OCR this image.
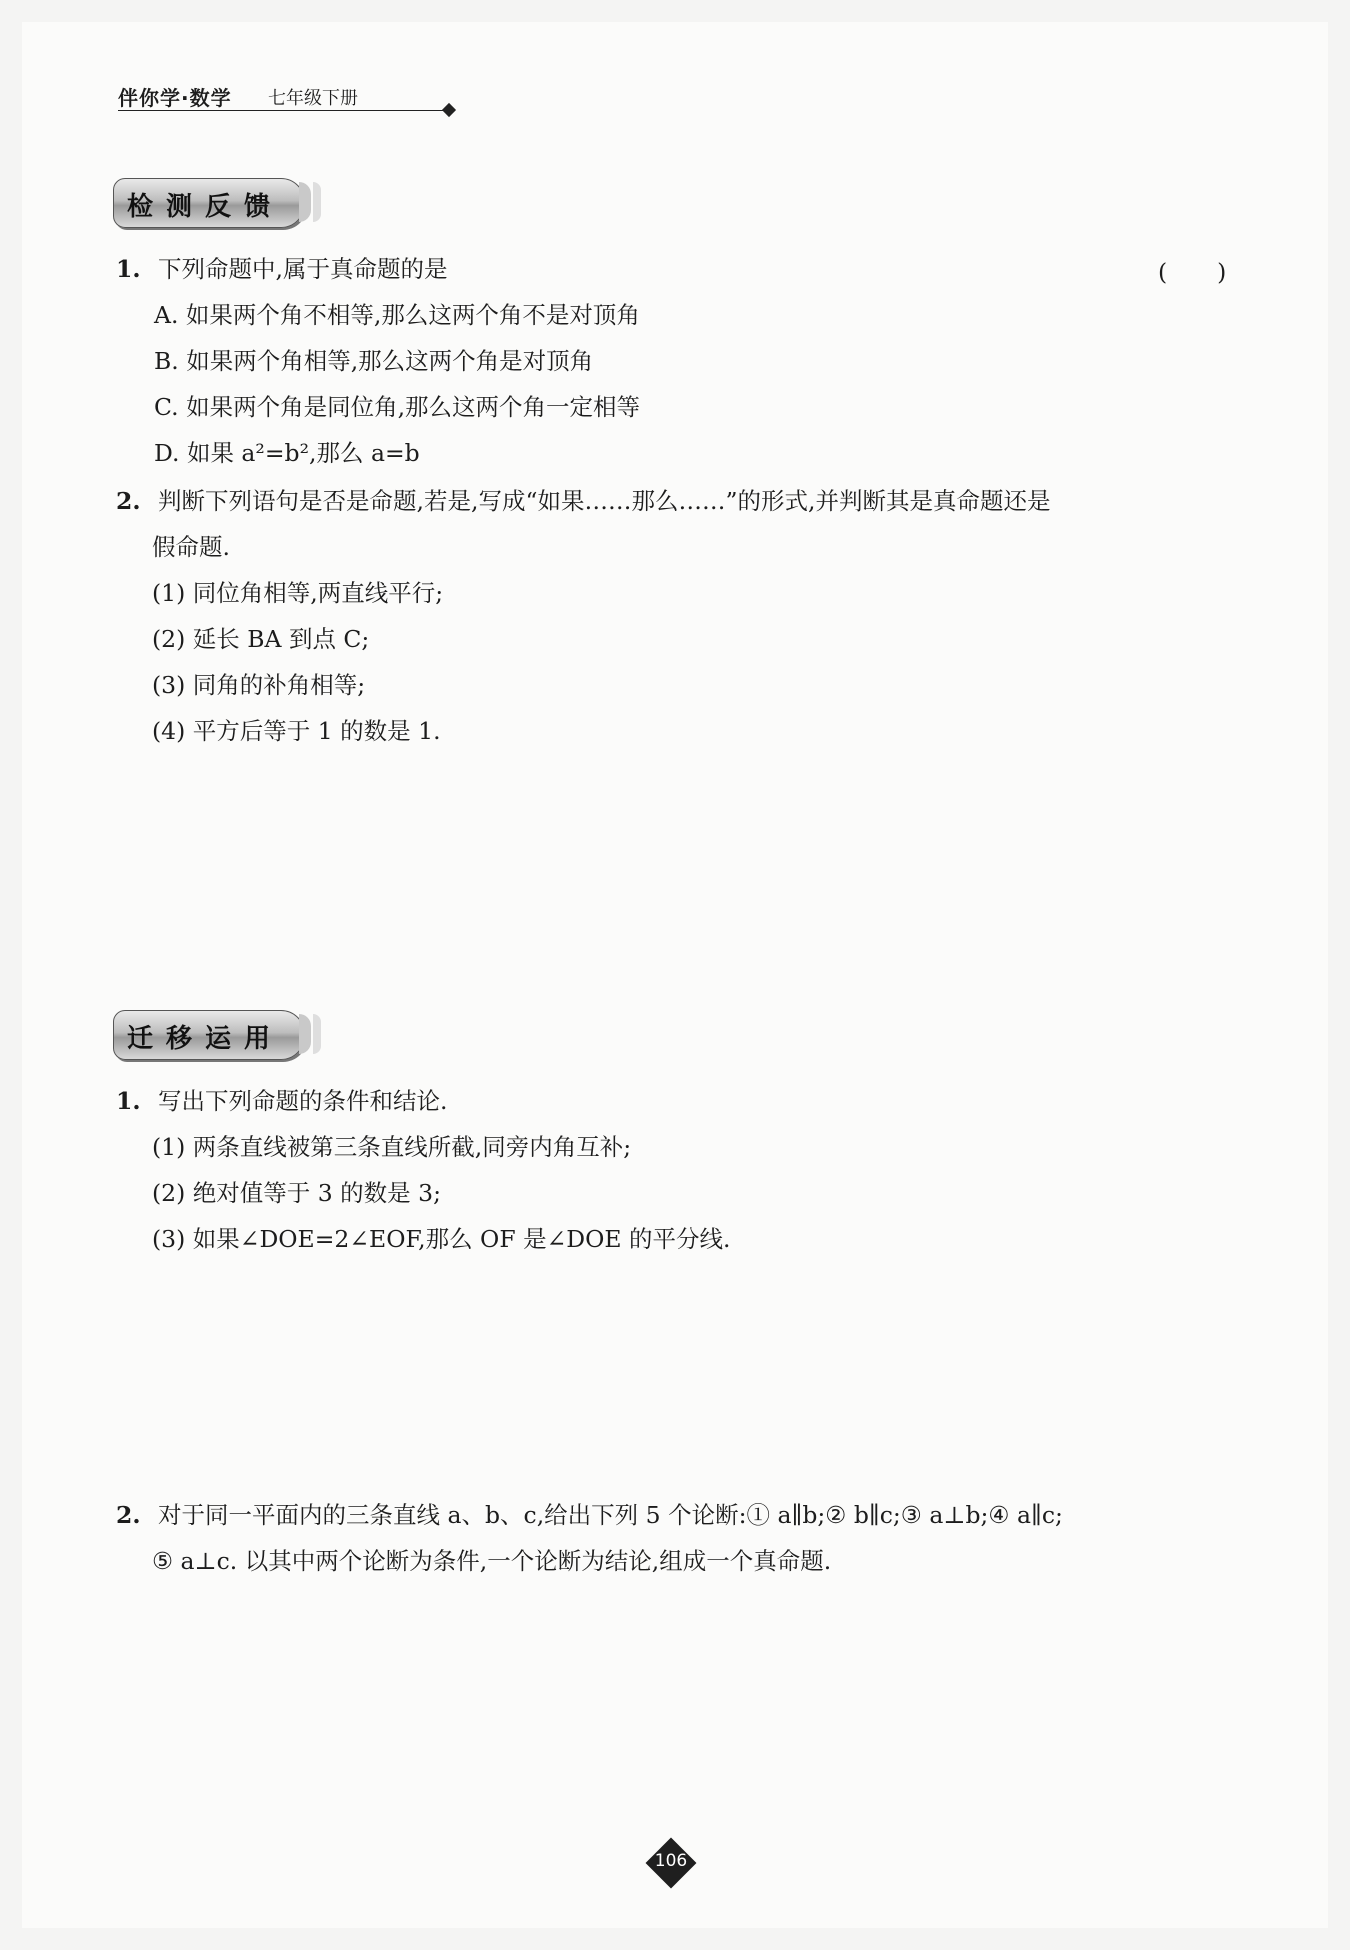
伴你学·数学 七年级下册
检测反馈
1. 下列命题中,属于真命题的是	( )
A. 如果两个角不相等,那么这两个角不是对顶角
B. 如果两个角相等,那么这两个角是对顶角
C. 如果两个角是同位角,那么这两个角一定相等
D. 如果 a²=b²,那么 a=b
2. 判断下列语句是否是命题,若是,写成“如果……那么……”的形式,并判断其是真命题还是
假命题.
(1) 同位角相等,两直线平行;
(2) 延长 BA 到点 C;
(3) 同角的补角相等;
(4) 平方后等于 1 的数是 1.
迁移运用
1. 写出下列命题的条件和结论.
(1) 两条直线被第三条直线所截,同旁内角互补;
(2) 绝对值等于 3 的数是 3;
(3) 如果∠DOE=2∠EOF,那么 OF 是∠DOE 的平分线.
2. 对于同一平面内的三条直线 a、b、c,给出下列 5 个论断:① a∥b;② b∥c;③ a⊥b;④ a∥c;
⑤ a⊥c. 以其中两个论断为条件,一个论断为结论,组成一个真命题.
106
